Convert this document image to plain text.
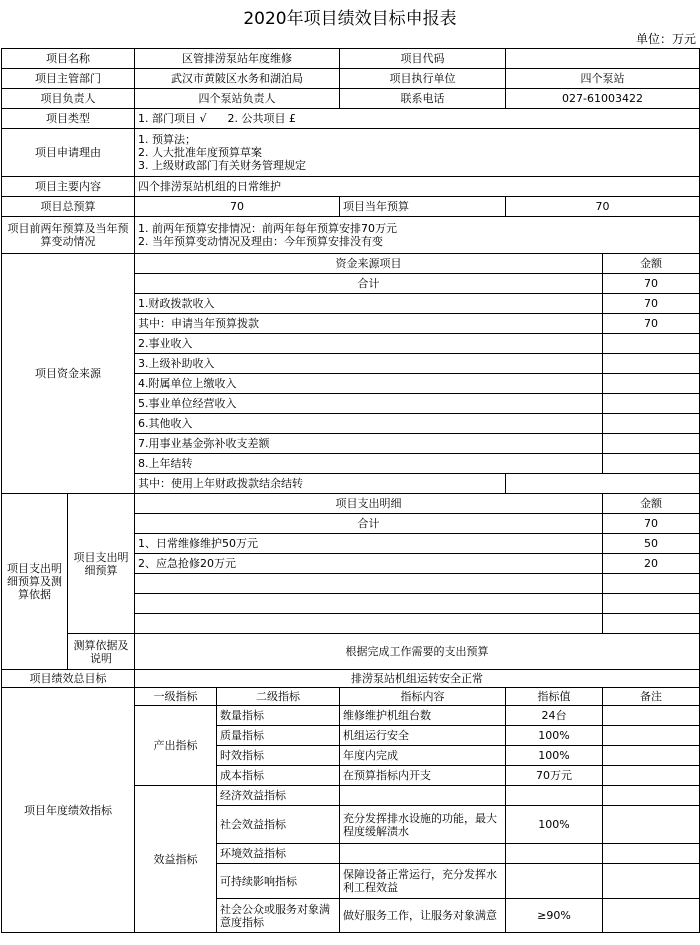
2020年项目绩效目标申报表
单位：万元
项目名称		区管排涝泵站年度维修		项目代码		
项目主管部门		武汉市黄陂区水务和湖泊局		项目执行单位	四个泵站	
项目负责人		四个泵站负责人		联系电话	027-61003422	
项目类型		1. 部门项目 √      2. 公共项目 £				
项目申请理由		1. 预算法；
2. 人大批准年度预算草案
3. 上级财政部门有关财务管理规定				

项目主要内容		四个排涝泵站机组的日常维护				
项目总预算		70		项目当年预算	70	
项目前两年预算及当年预算变动情况		1. 前两年预算安排情况：前两年每年预算安排70万元
2. 当年预算变动情况及理由：今年预算安排没有变				

项目资金来源		资金来源项目				金额
		合计				70
		1.财政拨款收入				70
		其中：申请当年预算拨款				70
		2.事业收入				
		3.上级补助收入				
		4.附属单位上缴收入				
		5.事业单位经营收入				
		6.其他收入				
		7.用事业基金弥补收支差额				
		8.上年结转				
		其中：使用上年财政拨款结余结转				
项目支出明细预算及测算依据	项目支出明细预算	项目支出明细				金额
		合计				70
		1、日常维修维护50万元				50
		2、应急抢修20万元				20

	测算依据及说明	根据完成工作需要的支出预算				
项目绩效总目标		排涝泵站机组运转安全正常				
项目年度绩效指标		一级指标	二级指标	指标内容	指标值	备注
		产出指标	数量指标	维修维护机组台数	24台	
			质量指标	机组运行安全	100%	
			时效指标	年度内完成	100%	
			成本指标	在预算指标内开支	70万元	
		效益指标	经济效益指标			
			社会效益指标	充分发挥排水设施的功能，最大程度缓解渍水	100%	
			环境效益指标			
			可持续影响指标	保障设备正常运行，充分发挥水利工程效益		
			社会公众或服务对象满意度指标	做好服务工作，让服务对象满意	≥90%	
